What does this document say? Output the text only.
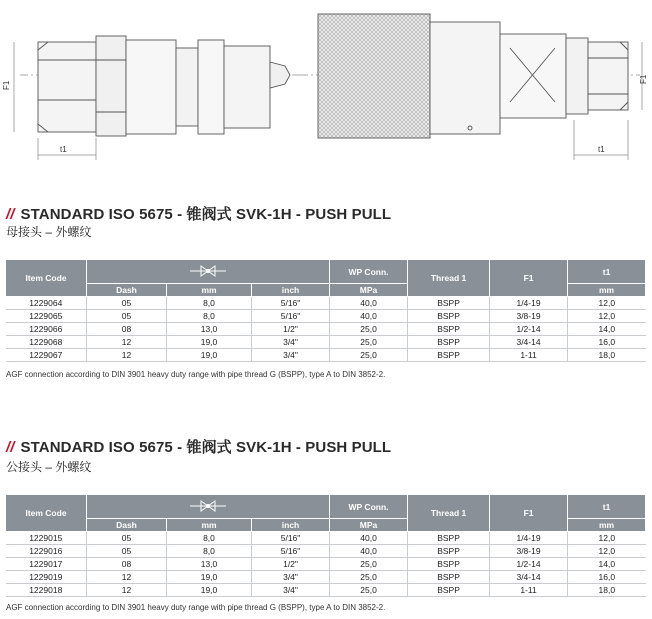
F1
t1
F1
t1
// STANDARD ISO 5675 - 锥阀式 SVK-1H - PUSH PULL
母接头 – 外螺纹
Item Code				WP Conn.	Thread 1	F1	t1
	Dash	mm	inch	MPa			mm
1229064	05	8,0	5/16"	40,0	BSPP	1/4-19	12,0
1229065	05	8,0	5/16"	40,0	BSPP	3/8-19	12,0
1229066	08	13,0	1/2"	25,0	BSPP	1/2-14	14,0
1229068	12	19,0	3/4"	25,0	BSPP	3/4-14	16,0
1229067	12	19,0	3/4"	25,0	BSPP	1-11	18,0
AGF connection according to DIN 3901 heavy duty range with pipe thread G (BSPP), type A to DIN 3852-2.
// STANDARD ISO 5675 - 锥阀式 SVK-1H - PUSH PULL
公接头 – 外螺纹
Item Code				WP Conn.	Thread 1	F1	t1
	Dash	mm	inch	MPa			mm
1229015	05	8,0	5/16"	40,0	BSPP	1/4-19	12,0
1229016	05	8,0	5/16"	40,0	BSPP	3/8-19	12,0
1229017	08	13,0	1/2"	25,0	BSPP	1/2-14	14,0
1229019	12	19,0	3/4"	25,0	BSPP	3/4-14	16,0
1229018	12	19,0	3/4"	25,0	BSPP	1-11	18,0
AGF connection according to DIN 3901 heavy duty range with pipe thread G (BSPP), type A to DIN 3852-2.
